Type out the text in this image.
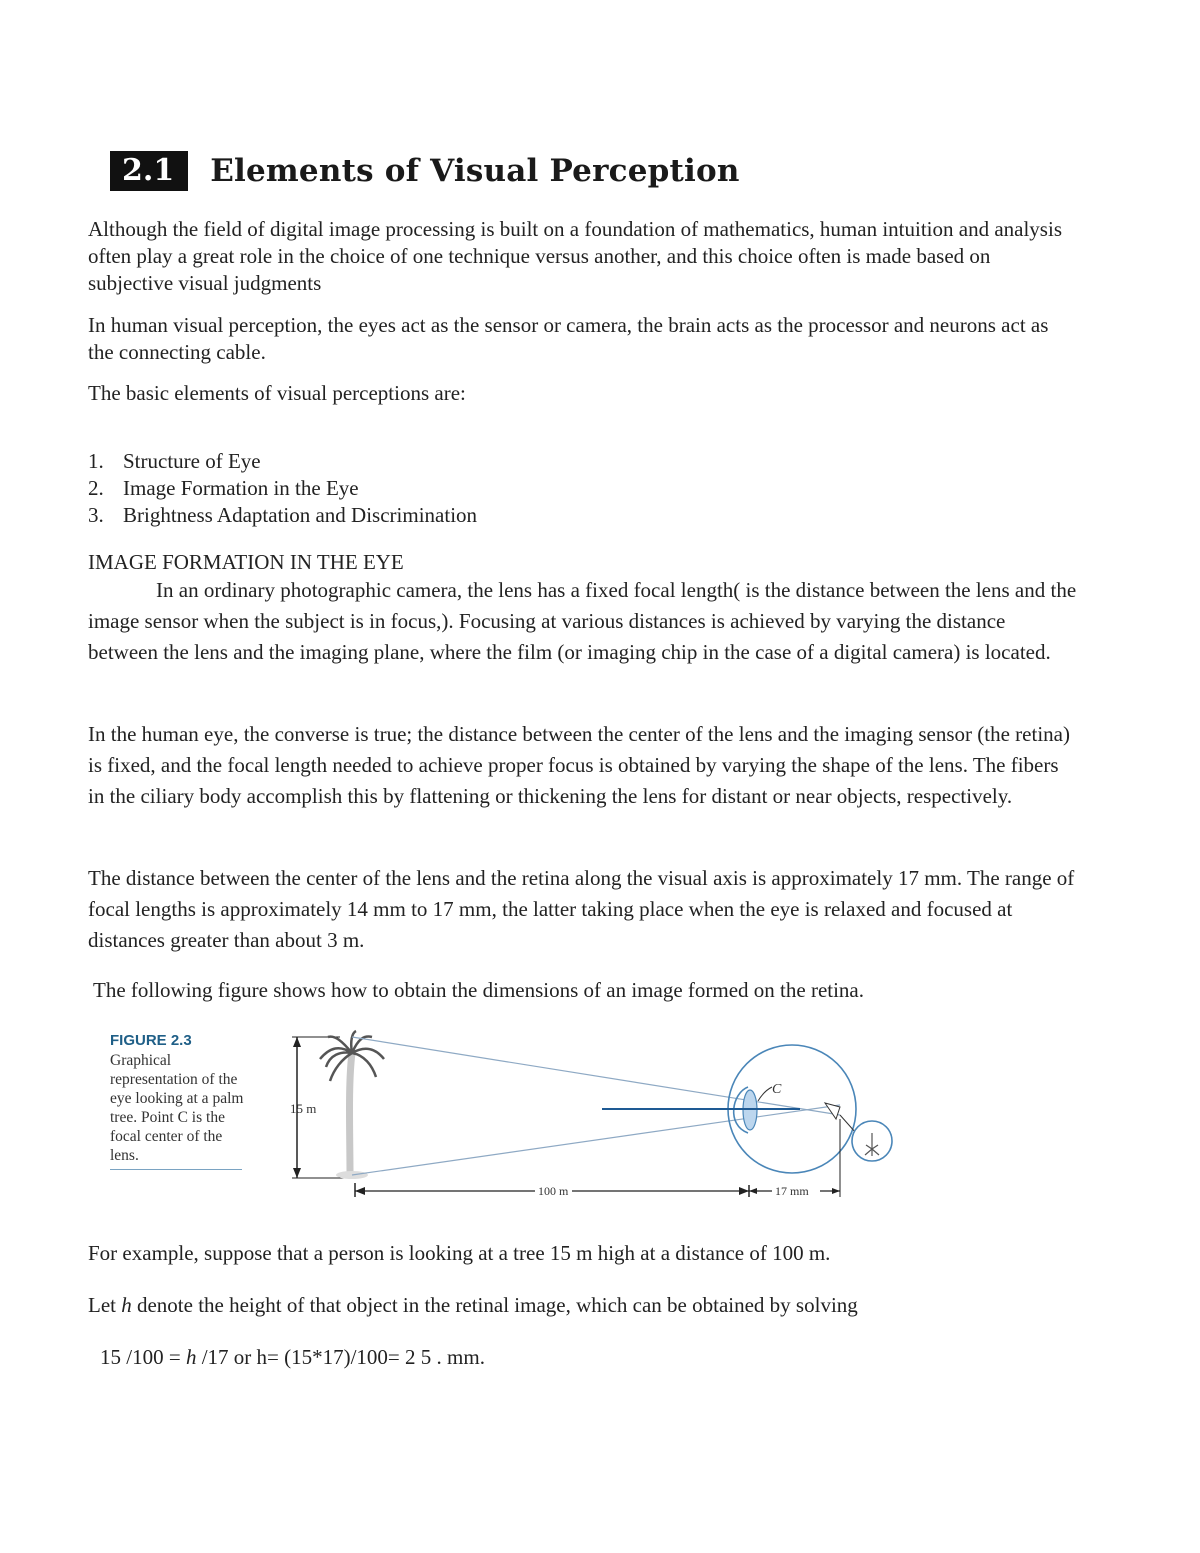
2.1	Elements of Visual Perception

Although the field of digital image processing is built on a foundation of mathematics, human intuition and analysis often play a great role in the choice of one technique versus another, and this choice often is made based on subjective visual judgments

In human visual perception, the eyes act as the sensor or camera, the brain acts as the processor and neurons act as the connecting cable.

The basic elements of visual perceptions are:

1. Structure of Eye
2. Image Formation in the Eye
3. Brightness Adaptation and Discrimination

IMAGE FORMATION IN THE EYE

In an ordinary photographic camera, the lens has a fixed focal length( is the distance between the lens and the image sensor when the subject is in focus,). Focusing at various distances is achieved by varying the distance between the lens and the imaging plane, where the film (or imaging chip in the case of a digital camera) is located.

In the human eye, the converse is true; the distance between the center of the lens and the imaging sensor (the retina) is fixed, and the focal length needed to achieve proper focus is obtained by varying the shape of the lens. The fibers in the ciliary body accomplish this by flattening or thickening the lens for distant or near objects, respectively.

The distance between the center of the lens and the retina along the visual axis is approximately 17 mm. The range of focal lengths is approximately 14 mm to 17 mm, the latter taking place when the eye is relaxed and focused at distances greater than about 3 m.

The following figure shows how to obtain the dimensions of an image formed on the retina.

FIGURE 2.3
Graphical representation of the eye looking at a palm tree. Point C is the focal center of the lens.
15 m
C
100 m	17 mm

For example, suppose that a person is looking at a tree 15 m high at a distance of 100 m.

Let h denote the height of that object in the retinal image, which can be obtained by solving

15 /100 = h /17 or h= (15*17)/100= 2 5 . mm.
